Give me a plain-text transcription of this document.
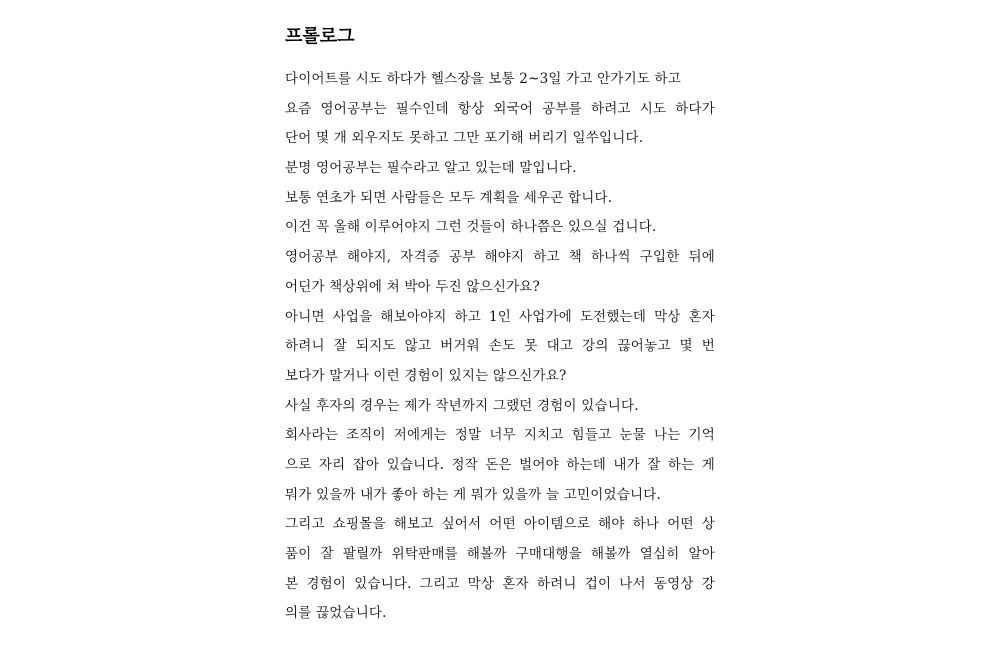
프롤로그
다이어트를 시도 하다가 헬스장을 보통 2~3일 가고 안가기도 하고
요즘 영어공부는 필수인데 항상 외국어 공부를 하려고 시도 하다가
단어 몇 개 외우지도 못하고 그만 포기해 버리기 일쑤입니다.
분명 영어공부는 필수라고 알고 있는데 말입니다.
보통 연초가 되면 사람들은 모두 계획을 세우곤 합니다.
이건 꼭 올해 이루어야지 그런 것들이 하나쯤은 있으실 겁니다.
영어공부 해야지, 자격증 공부 해야지 하고 책 하나씩 구입한 뒤에
어딘가 책상위에 쳐 박아 두진 않으신가요?
아니면 사업을 해보아야지 하고 1인 사업가에 도전했는데 막상 혼자
하려니 잘 되지도 않고 버거워 손도 못 대고 강의 끊어놓고 몇 번
보다가 말거나 이런 경험이 있지는 않으신가요?
사실 후자의 경우는 제가 작년까지 그랬던 경험이 있습니다.
회사라는 조직이 저에게는 정말 너무 지치고 힘들고 눈물 나는 기억
으로 자리 잡아 있습니다. 정작 돈은 벌어야 하는데 내가 잘 하는 게
뭐가 있을까 내가 좋아 하는 게 뭐가 있을까 늘 고민이었습니다.
그리고 쇼핑몰을 해보고 싶어서 어떤 아이템으로 해야 하나 어떤 상
품이 잘 팔릴까 위탁판매를 해볼까 구매대행을 해볼까 열심히 알아
본 경험이 있습니다. 그리고 막상 혼자 하려니 겁이 나서 동영상 강
의를 끊었습니다.
